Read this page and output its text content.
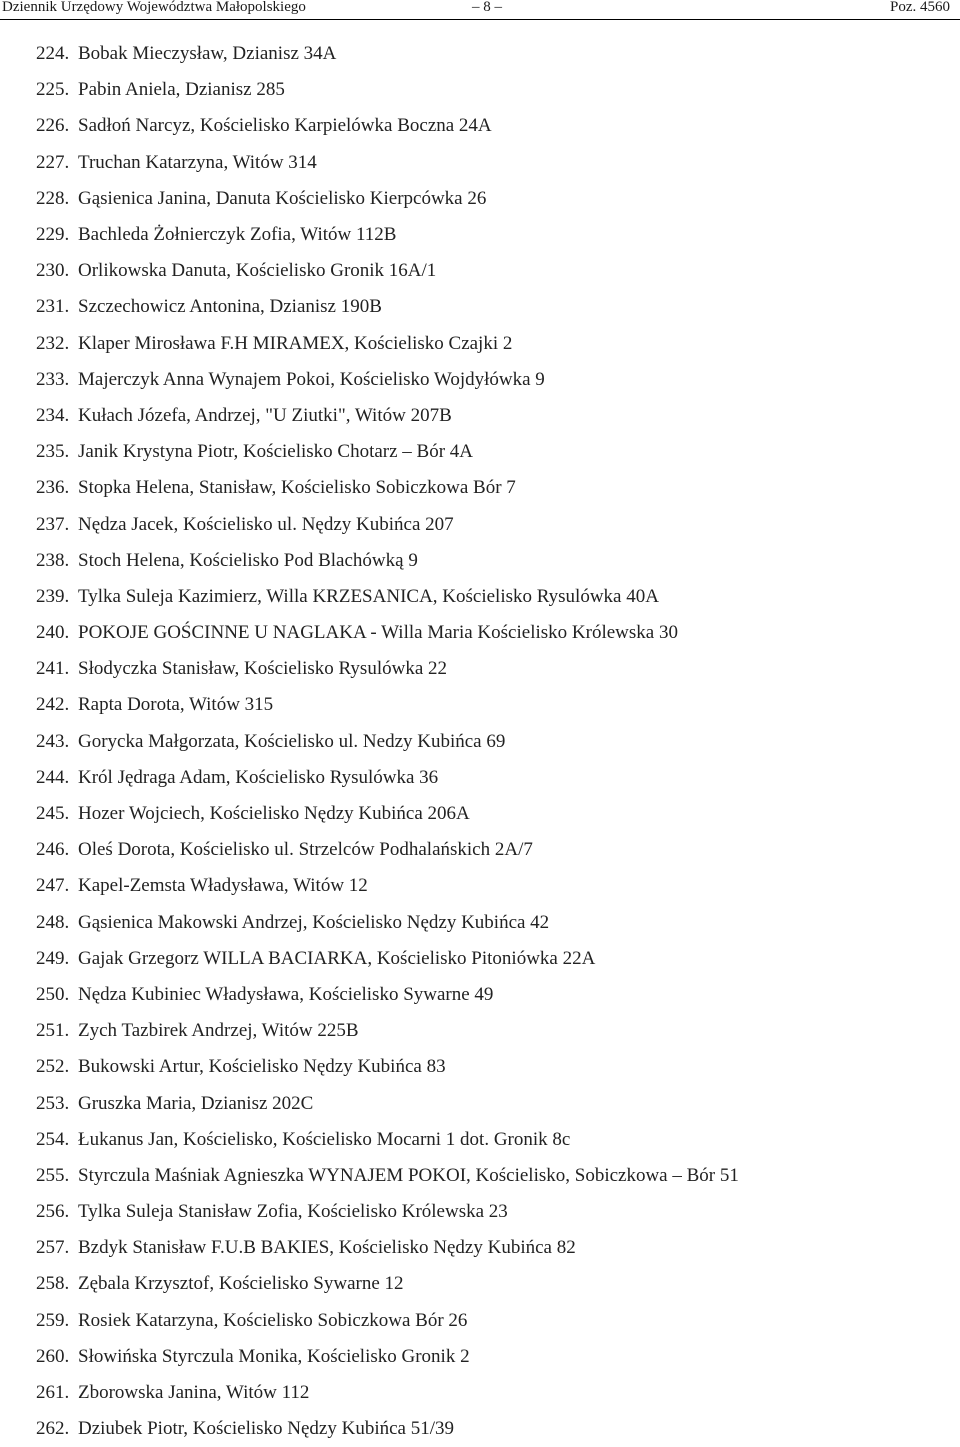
Dziennik Urzędowy Województwa Małopolskiego	– 8 –	Poz. 4560
224. Bobak Mieczysław, Dzianisz 34A
225. Pabin Aniela, Dzianisz 285
226. Sadłoń Narcyz, Kościelisko Karpielówka Boczna 24A
227. Truchan Katarzyna, Witów 314
228. Gąsienica Janina, Danuta Kościelisko Kierpcówka 26
229. Bachleda Żołnierczyk Zofia, Witów 112B
230. Orlikowska Danuta, Kościelisko Gronik 16A/1
231. Szczechowicz Antonina, Dzianisz 190B
232. Klaper Mirosława F.H MIRAMEX, Kościelisko Czajki 2
233. Majerczyk Anna Wynajem Pokoi, Kościelisko Wojdyłówka 9
234. Kułach Józefa, Andrzej, "U Ziutki", Witów 207B
235. Janik Krystyna Piotr, Kościelisko Chotarz – Bór 4A
236. Stopka Helena, Stanisław, Kościelisko Sobiczkowa Bór 7
237. Nędza Jacek, Kościelisko ul. Nędzy Kubińca 207
238. Stoch Helena, Kościelisko Pod Blachówką 9
239. Tylka Suleja Kazimierz, Willa KRZESANICA, Kościelisko Rysulówka 40A
240. POKOJE GOŚCINNE U NAGLAKA - Willa Maria Kościelisko Królewska 30
241. Słodyczka Stanisław, Kościelisko Rysulówka 22
242. Rapta Dorota, Witów 315
243. Gorycka Małgorzata, Kościelisko ul. Nedzy Kubińca 69
244. Król Jędraga Adam, Kościelisko Rysulówka 36
245. Hozer Wojciech, Kościelisko Nędzy Kubińca 206A
246. Oleś Dorota, Kościelisko ul. Strzelców Podhalańskich 2A/7
247. Kapel-Zemsta Władysława, Witów 12
248. Gąsienica Makowski Andrzej, Kościelisko Nędzy Kubińca 42
249. Gajak Grzegorz WILLA BACIARKA, Kościelisko Pitoniówka 22A
250. Nędza Kubiniec Władysława, Kościelisko Sywarne 49
251. Zych Tazbirek Andrzej, Witów 225B
252. Bukowski Artur, Kościelisko Nędzy Kubińca 83
253. Gruszka Maria, Dzianisz 202C
254. Łukanus Jan, Kościelisko, Kościelisko Mocarni 1 dot. Gronik 8c
255. Styrczula Maśniak Agnieszka WYNAJEM POKOI, Kościelisko, Sobiczkowa – Bór 51
256. Tylka Suleja Stanisław Zofia, Kościelisko Królewska 23
257. Bzdyk Stanisław F.U.B BAKIES, Kościelisko Nędzy Kubińca 82
258. Zębala Krzysztof, Kościelisko Sywarne 12
259. Rosiek Katarzyna, Kościelisko Sobiczkowa Bór 26
260. Słowińska Styrczula Monika, Kościelisko Gronik 2
261. Zborowska Janina, Witów 112
262. Dziubek Piotr, Kościelisko Nędzy Kubińca 51/39
